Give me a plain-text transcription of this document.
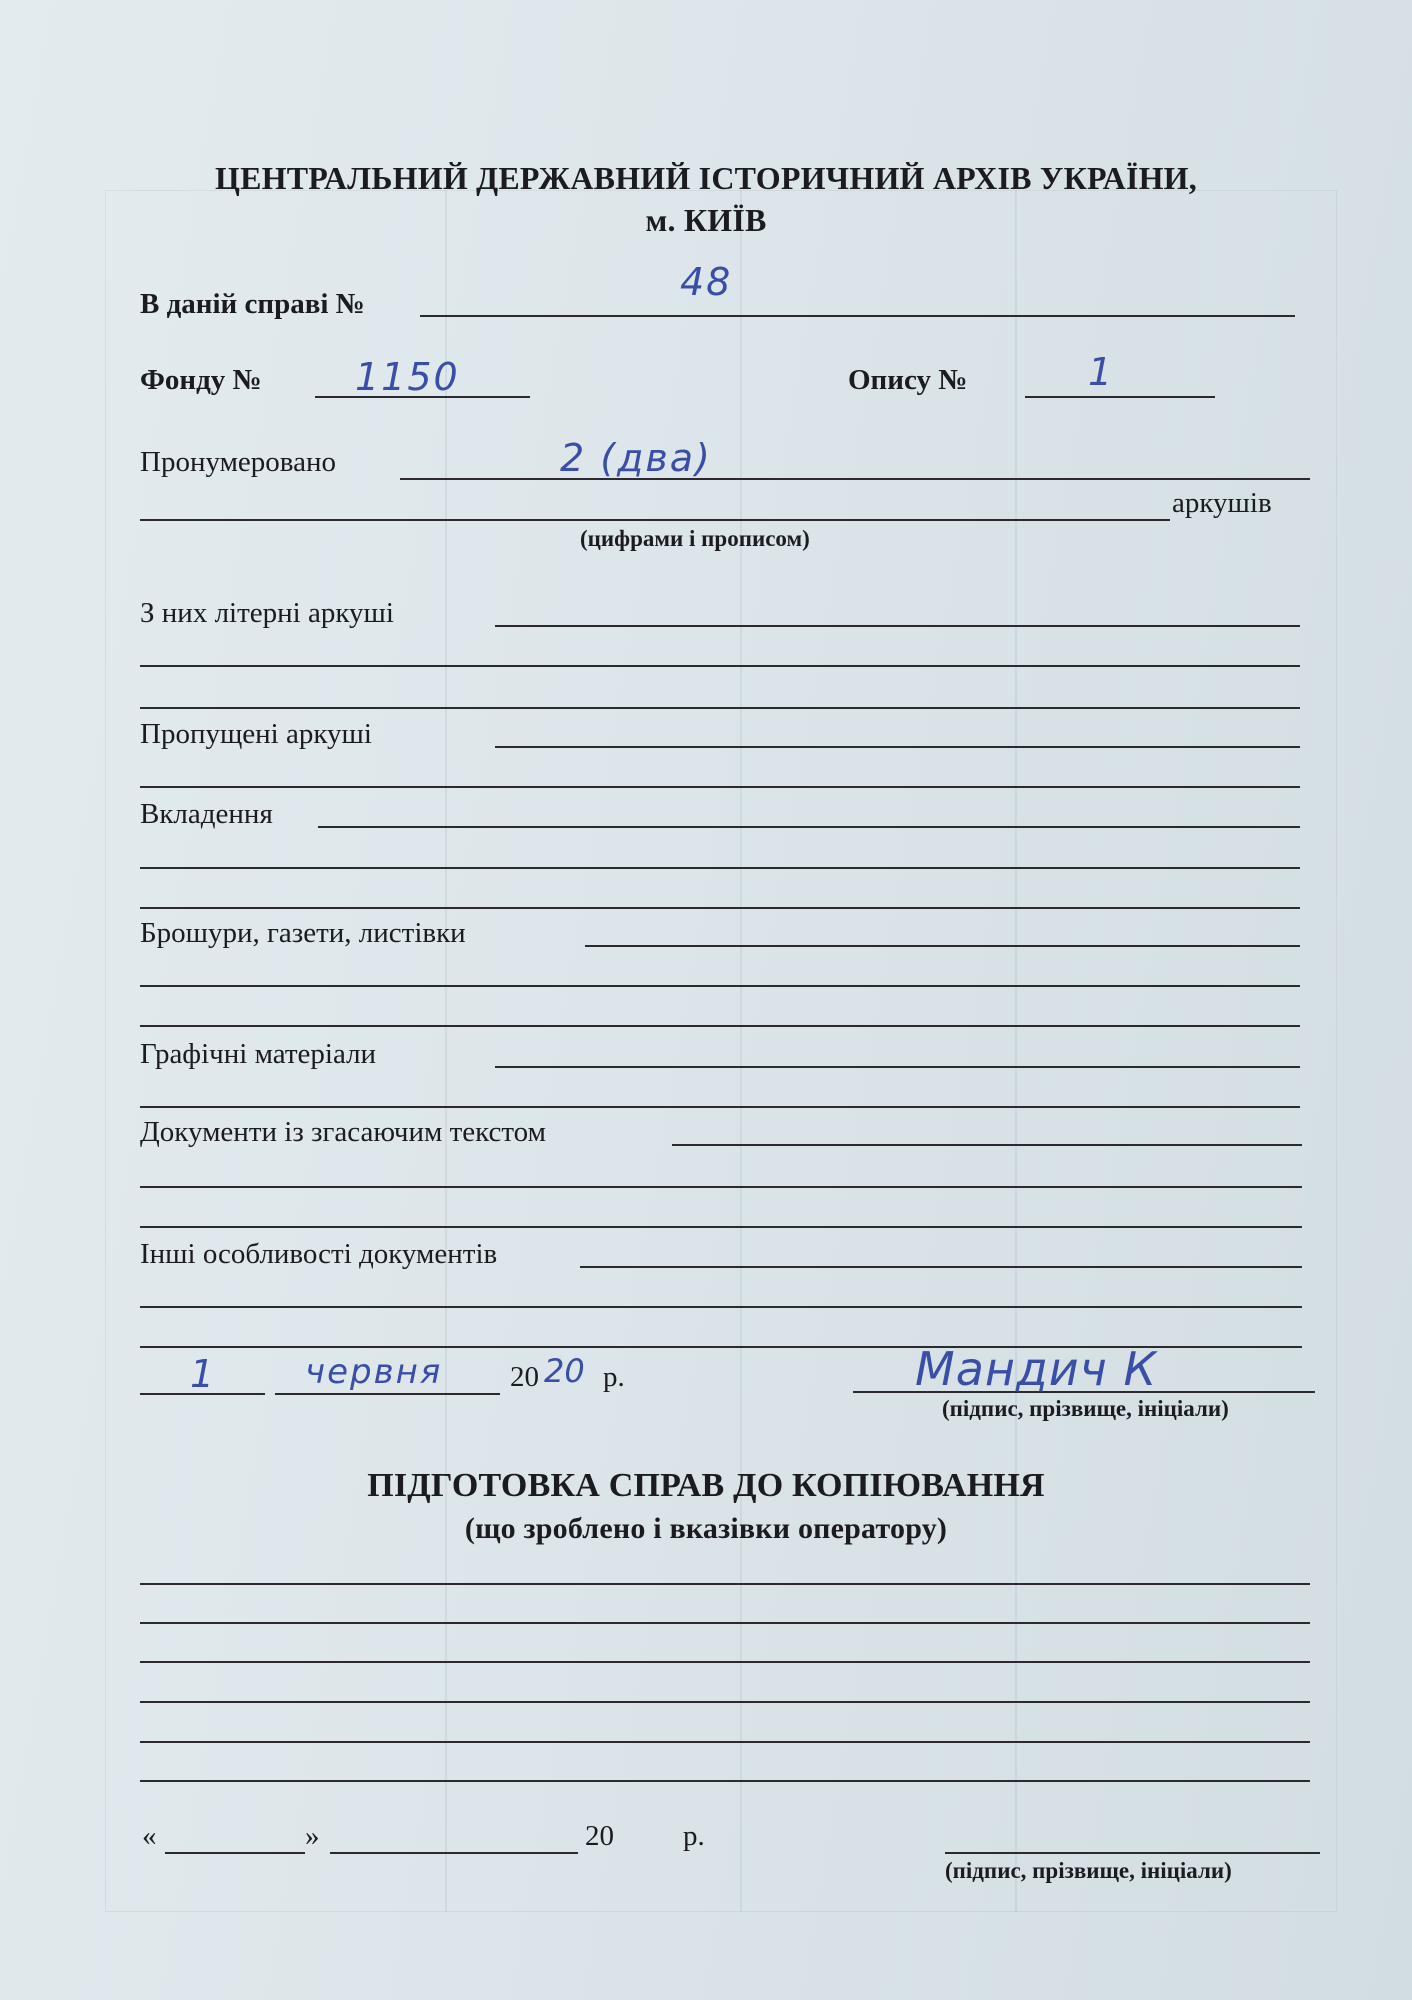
ЦЕНТРАЛЬНИЙ ДЕРЖАВНИЙ ІСТОРИЧНИЙ АРХІВ УКРАЇНИ,
м. КИЇВ
В даній справі №	48
Фонду № 1150	Опису №	1
Пронумеровано	2 (два)
аркушів
(цифрами і прописом)
З них літерні аркуші
Пропущені аркуші
Вкладення
Брошури, газети, листівки
Графічні матеріали
Документи із згасаючим текстом
Інші особливості документів
1	червня 20 20 р.	Мандич К
(підпис, прізвище, ініціали)
ПІДГОТОВКА СПРАВ ДО КОПІЮВАННЯ
(що зроблено і вказівки оператору)
«	»	20 р.
(підпис, прізвище, ініціали)
